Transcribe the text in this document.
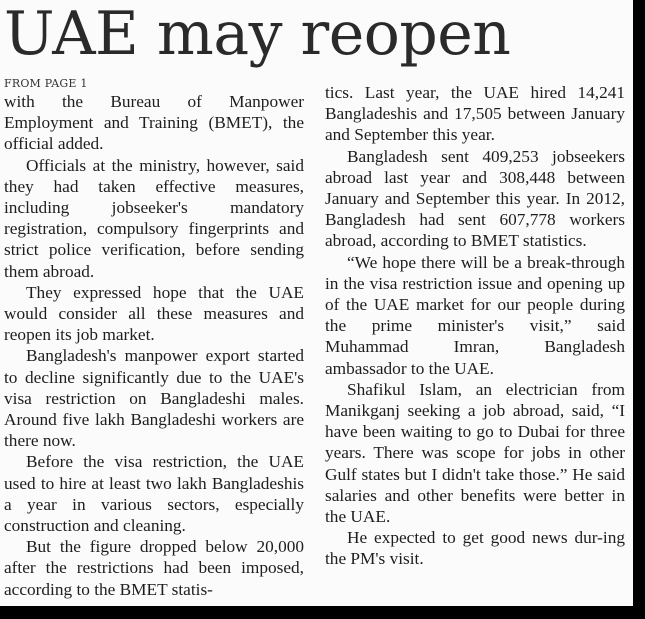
UAE may reopen
FROM PAGE 1

with the Bureau of Manpower Employment and Training (BMET), the official added.

Officials at the ministry, however, said they had taken effective measures, including jobseeker's mandatory registration, compulsory fingerprints and strict police verification, before sending them abroad.

They expressed hope that the UAE would consider all these measures and reopen its job market.

Bangladesh's manpower export started to decline significantly due to the UAE's visa restriction on Bangladeshi males. Around five lakh Bangladeshi workers are there now.

Before the visa restriction, the UAE used to hire at least two lakh Bangladeshis a year in various sectors, especially construction and cleaning.

But the figure dropped below 20,000 after the restrictions had been imposed, according to the BMET statis-

tics. Last year, the UAE hired 14,241 Bangladeshis and 17,505 between January and September this year.

Bangladesh sent 409,253 jobseekers abroad last year and 308,448 between January and September this year. In 2012, Bangladesh had sent 607,778 workers abroad, according to BMET statistics.

“We hope there will be a break-through in the visa restriction issue and opening up of the UAE market for our people during the prime minister's visit,” said Muhammad Imran, Bangladesh ambassador to the UAE.

Shafikul Islam, an electrician from Manikganj seeking a job abroad, said, “I have been waiting to go to Dubai for three years. There was scope for jobs in other Gulf states but I didn't take those.” He said salaries and other benefits were better in the UAE.

He expected to get good news dur-ing the PM's visit.
